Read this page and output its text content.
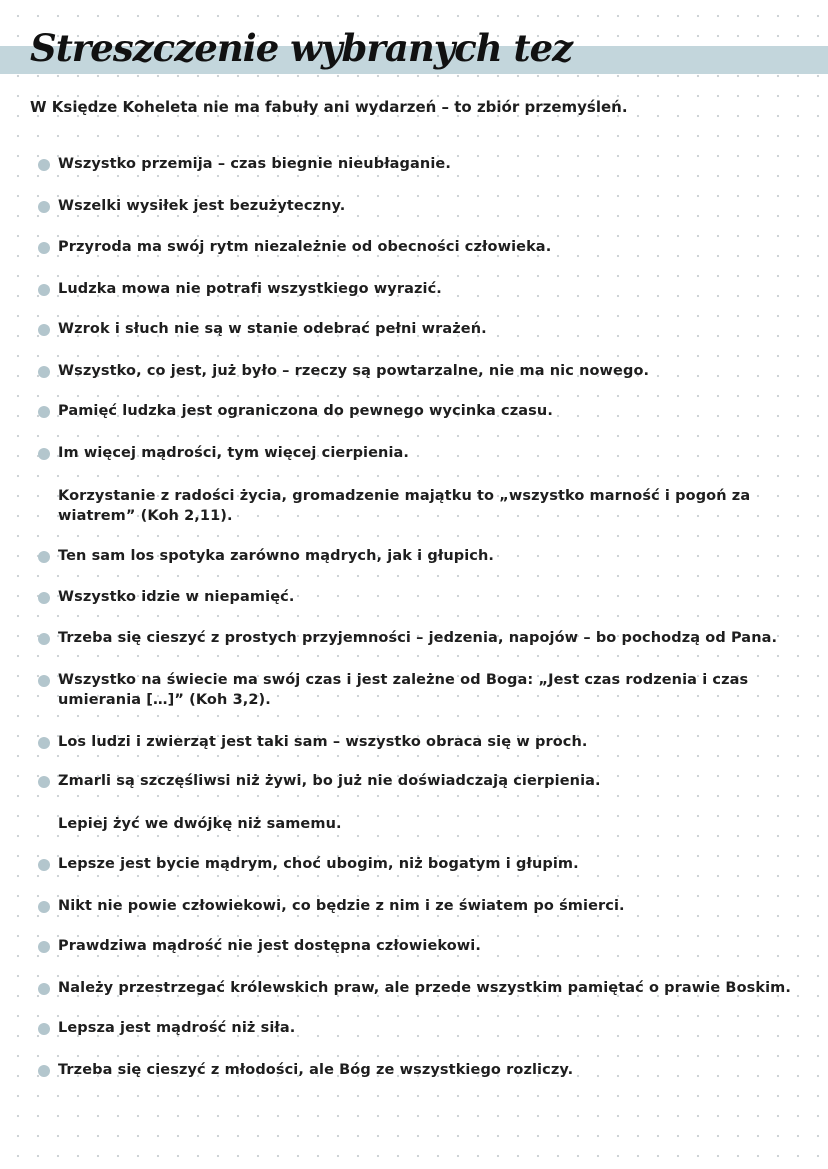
Streszczenie wybranych tez
W Księdze Koheleta nie ma fabuły ani wydarzeń – to zbiór przemyśleń.
Wszystko przemija – czas biegnie nieubłaganie.
Wszelki wysiłek jest bezużyteczny.
Przyroda ma swój rytm niezależnie od obecności człowieka.
Ludzka mowa nie potrafi wszystkiego wyrazić.
Wzrok i słuch nie są w stanie odebrać pełni wrażeń.
Wszystko, co jest, już było – rzeczy są powtarzalne, nie ma nic nowego.
Pamięć ludzka jest ograniczona do pewnego wycinka czasu.
Im więcej mądrości, tym więcej cierpienia.
Korzystanie z radości życia, gromadzenie majątku to „wszystko marność i pogoń za wiatrem” (Koh 2,11).
Ten sam los spotyka zarówno mądrych, jak i głupich.
Wszystko idzie w niepamięć.
Trzeba się cieszyć z prostych przyjemności – jedzenia, napojów – bo pochodzą od Pana.
Wszystko na świecie ma swój czas i jest zależne od Boga: „Jest czas rodzenia i czas umierania […]” (Koh 3,2).
Los ludzi i zwierząt jest taki sam – wszystko obraca się w proch.
Zmarli są szczęśliwsi niż żywi, bo już nie doświadczają cierpienia.
Lepiej żyć we dwójkę niż samemu.
Lepsze jest bycie mądrym, choć ubogim, niż bogatym i głupim.
Nikt nie powie człowiekowi, co będzie z nim i ze światem po śmierci.
Prawdziwa mądrość nie jest dostępna człowiekowi.
Należy przestrzegać królewskich praw, ale przede wszystkim pamiętać o prawie Boskim.
Lepsza jest mądrość niż siła.
Trzeba się cieszyć z młodości, ale Bóg ze wszystkiego rozliczy.
